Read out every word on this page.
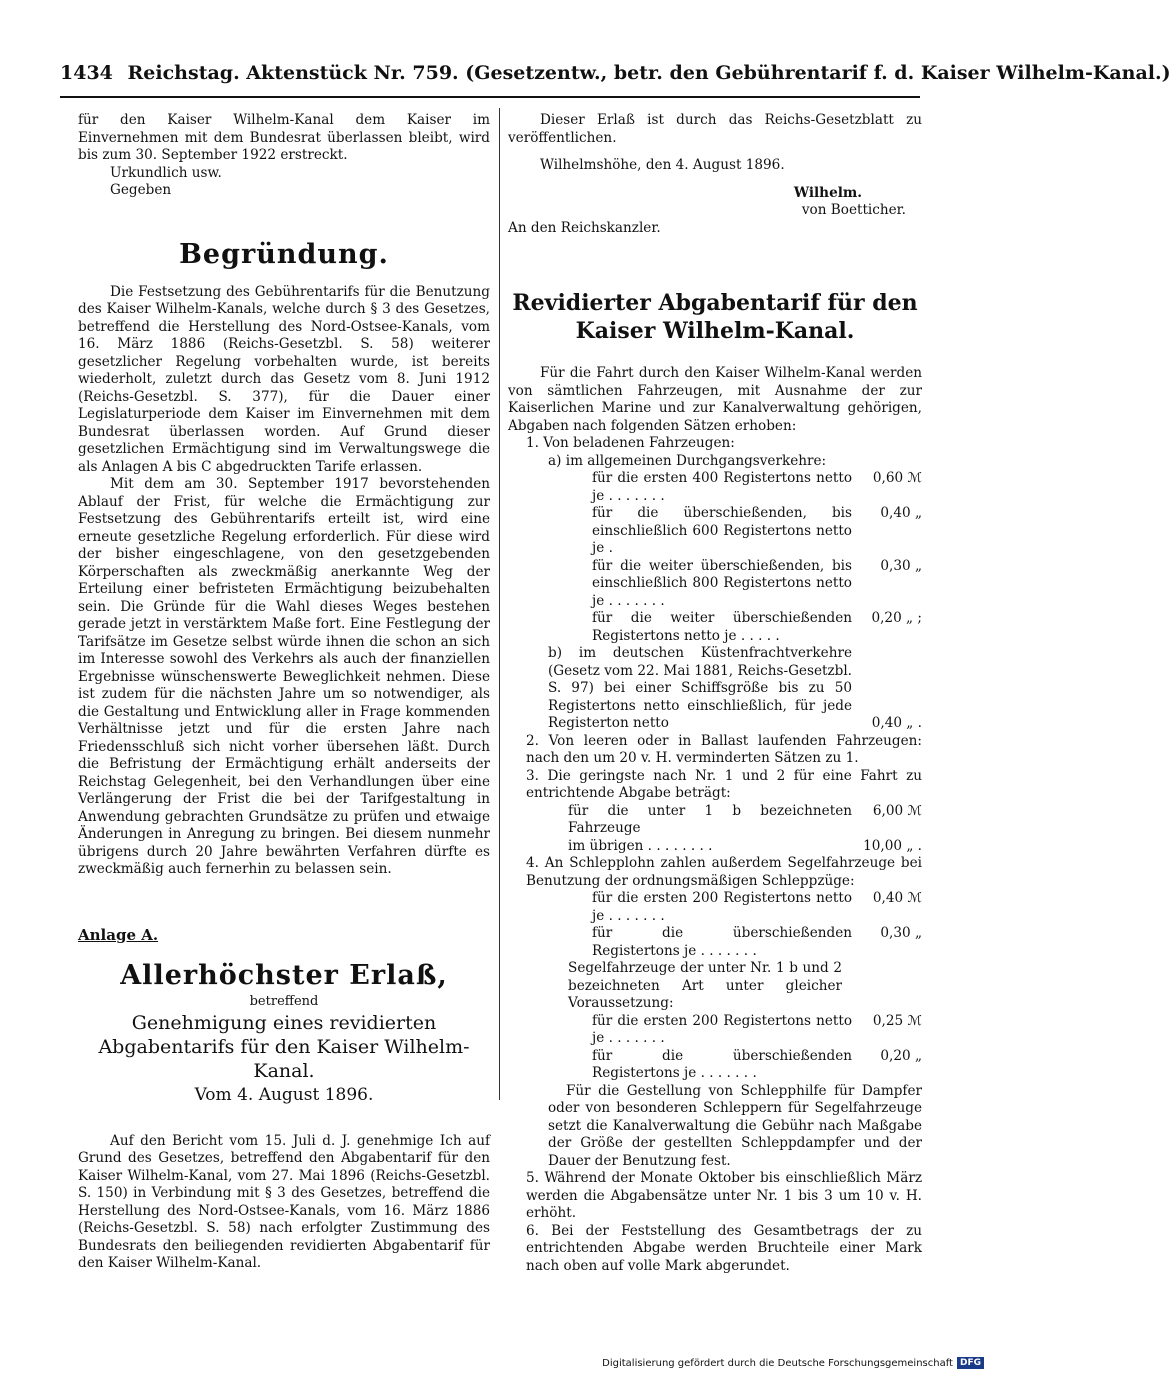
1434 Reichstag. Aktenstück Nr. 759. (Gesetzentw., betr. den Gebührentarif f. d. Kaiser Wilhelm-Kanal.)

für den Kaiser Wilhelm-Kanal dem Kaiser im Einvernehmen mit dem Bundesrat überlassen bleibt, wird bis zum 30. September 1922 erstreckt.

Urkundlich usw.

Gegeben

Begründung.

Die Festsetzung des Gebührentarifs für die Benutzung des Kaiser Wilhelm-Kanals, welche durch § 3 des Gesetzes, betreffend die Herstellung des Nord-Ostsee-Kanals, vom 16. März 1886 (Reichs-Gesetzbl. S. 58) weiterer gesetzlicher Regelung vorbehalten wurde, ist bereits wiederholt, zuletzt durch das Gesetz vom 8. Juni 1912 (Reichs-Gesetzbl. S. 377), für die Dauer einer Legislaturperiode dem Kaiser im Einvernehmen mit dem Bundesrat überlassen worden. Auf Grund dieser gesetzlichen Ermächtigung sind im Verwaltungswege die als Anlagen A bis C abgedruckten Tarife erlassen.

Mit dem am 30. September 1917 bevorstehenden Ablauf der Frist, für welche die Ermächtigung zur Festsetzung des Gebührentarifs erteilt ist, wird eine erneute gesetzliche Regelung erforderlich. Für diese wird der bisher eingeschlagene, von den gesetzgebenden Körperschaften als zweckmäßig anerkannte Weg der Erteilung einer befristeten Ermächtigung beizubehalten sein. Die Gründe für die Wahl dieses Weges bestehen gerade jetzt in verstärktem Maße fort. Eine Festlegung der Tarifsätze im Gesetze selbst würde ihnen die schon an sich im Interesse sowohl des Verkehrs als auch der finanziellen Ergebnisse wünschenswerte Beweglichkeit nehmen. Diese ist zudem für die nächsten Jahre um so notwendiger, als die Gestaltung und Entwicklung aller in Frage kommenden Verhältnisse jetzt und für die ersten Jahre nach Friedensschluß sich nicht vorher übersehen läßt. Durch die Befristung der Ermächtigung erhält anderseits der Reichstag Gelegenheit, bei den Verhandlungen über eine Verlängerung der Frist die bei der Tarifgestaltung in Anwendung gebrachten Grundsätze zu prüfen und etwaige Änderungen in Anregung zu bringen. Bei diesem nunmehr übrigens durch 20 Jahre bewährten Verfahren dürfte es zweckmäßig auch fernerhin zu belassen sein.

Anlage A.

Allerhöchster Erlaß,

betreffend

Genehmigung eines revidierten Abgabentarifs für den Kaiser Wilhelm-Kanal.

Vom 4. August 1896.

Auf den Bericht vom 15. Juli d. J. genehmige Ich auf Grund des Gesetzes, betreffend den Abgabentarif für den Kaiser Wilhelm-Kanal, vom 27. Mai 1896 (Reichs-Gesetzbl. S. 150) in Verbindung mit § 3 des Gesetzes, betreffend die Herstellung des Nord-Ostsee-Kanals, vom 16. März 1886 (Reichs-Gesetzbl. S. 58) nach erfolgter Zustimmung des Bundesrats den beiliegenden revidierten Abgabentarif für den Kaiser Wilhelm-Kanal.

Dieser Erlaß ist durch das Reichs-Gesetzblatt zu veröffentlichen.

Wilhelmshöhe, den 4. August 1896.

Wilhelm.

von Boetticher.

An den Reichskanzler.

Revidierter Abgabentarif für den Kaiser Wilhelm-Kanal.

Für die Fahrt durch den Kaiser Wilhelm-Kanal werden von sämtlichen Fahrzeugen, mit Ausnahme der zur Kaiserlichen Marine und zur Kanalverwaltung gehörigen, Abgaben nach folgenden Sätzen erhoben:

1. Von beladenen Fahrzeugen:

a) im allgemeinen Durchgangsverkehre:

für die ersten 400 Registertons netto je . . . . . . .
0,60 ℳ
für die überschießenden, bis einschließlich 600 Registertons netto je .
0,40 „
für die weiter überschießenden, bis einschließlich 800 Registertons netto je . . . . . . .
0,30 „
für die weiter überschießenden Registertons netto je . . . . .
0,20 „ ;
b) im deutschen Küstenfrachtverkehre (Gesetz vom 22. Mai 1881, Reichs-Gesetzbl. S. 97) bei einer Schiffsgröße bis zu 50 Registertons netto einschließlich, für jede Registerton netto	0,40 „ .

2. Von leeren oder in Ballast laufenden Fahrzeugen: nach den um 20 v. H. verminderten Sätzen zu 1.

3. Die geringste nach Nr. 1 und 2 für eine Fahrt zu entrichtende Abgabe beträgt:

für die unter 1 b bezeichneten Fahrzeuge
6,00 ℳ
im übrigen . . . . . . . .	10,00 „ .

4. An Schlepplohn zahlen außerdem Segelfahrzeuge bei Benutzung der ordnungsmäßigen Schleppzüge:

für die ersten 200 Registertons netto je . . . . . . .
0,40 ℳ
für die überschießenden Registertons je . . . . . . .
0,30 „

Segelfahrzeuge der unter Nr. 1 b und 2 bezeichneten Art unter gleicher Voraussetzung:

für die ersten 200 Registertons netto je . . . . . . .
0,25 ℳ
für die überschießenden Registertons je . . . . . . .
0,20 „

Für die Gestellung von Schlepphilfe für Dampfer oder von besonderen Schleppern für Segelfahrzeuge setzt die Kanalverwaltung die Gebühr nach Maßgabe der Größe der gestellten Schleppdampfer und der Dauer der Benutzung fest.

5. Während der Monate Oktober bis einschließlich März werden die Abgabensätze unter Nr. 1 bis 3 um 10 v. H. erhöht.

6. Bei der Feststellung des Gesamtbetrags der zu entrichtenden Abgabe werden Bruchteile einer Mark nach oben auf volle Mark abgerundet.

Digitalisierung gefördert durch die Deutsche Forschungsgemeinschaft DFG
